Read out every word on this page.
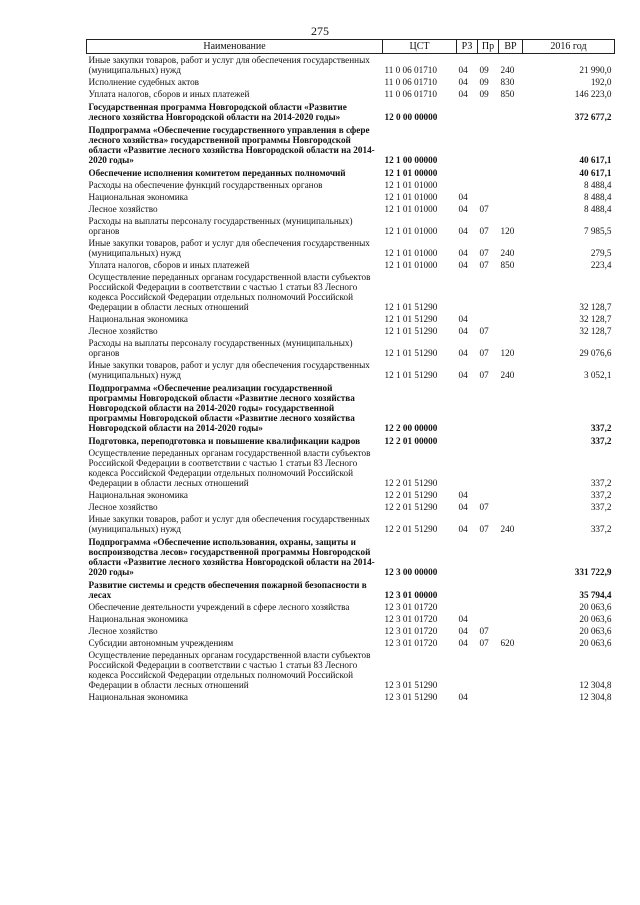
275
Наименование	ЦСТ	РЗ	Пр	ВР	2016 год
Иные закупки товаров, работ и услуг для обеспечения государственных (муниципальных) нужд	11 0 06 01710	04	09	240	21 990,0
Исполнение судебных актов	11 0 06 01710	04	09	830	192,0
Уплата налогов, сборов и иных платежей	11 0 06 01710	04	09	850	146 223,0
Государственная программа Новгородской области «Развитие лесного хозяйства Новгородской области на 2014-2020 годы»	12 0 00 00000				372 677,2
Подпрограмма «Обеспечение государственного управления в сфере лесного хозяйства» государственной программы Новгородской области «Развитие лесного хозяйства Новгородской области на 2014-2020 годы»	12 1 00 00000				40 617,1
Обеспечение исполнения комитетом переданных полномочий	12 1 01 00000				40 617,1
Расходы на обеспечение функций государственных органов	12 1 01 01000				8 488,4
Национальная экономика	12 1 01 01000	04			8 488,4
Лесное хозяйство	12 1 01 01000	04	07		8 488,4
Расходы на выплаты персоналу государственных (муниципальных) органов	12 1 01 01000	04	07	120	7 985,5
Иные закупки товаров, работ и услуг для обеспечения государственных (муниципальных) нужд	12 1 01 01000	04	07	240	279,5
Уплата налогов, сборов и иных платежей	12 1 01 01000	04	07	850	223,4
Осуществление переданных органам государственной власти субъектов Российской Федерации в соответствии с частью 1 статьи 83 Лесного кодекса Российской Федерации отдельных полномочий Российской Федерации в области лесных отношений	12 1 01 51290				32 128,7
Национальная экономика	12 1 01 51290	04			32 128,7
Лесное хозяйство	12 1 01 51290	04	07		32 128,7
Расходы на выплаты персоналу государственных (муниципальных) органов	12 1 01 51290	04	07	120	29 076,6
Иные закупки товаров, работ и услуг для обеспечения государственных (муниципальных) нужд	12 1 01 51290	04	07	240	3 052,1
Подпрограмма «Обеспечение реализации государственной программы Новгородской области «Развитие лесного хозяйства Новгородской области на 2014-2020 годы» государственной программы Новгородской области «Развитие лесного хозяйства Новгородской области на 2014-2020 годы»	12 2 00 00000				337,2
Подготовка, переподготовка и повышение квалификации кадров	12 2 01 00000				337,2
Осуществление переданных органам государственной власти субъектов Российской Федерации в соответствии с частью 1 статьи 83 Лесного кодекса Российской Федерации отдельных полномочий Российской Федерации в области лесных отношений	12 2 01 51290				337,2
Национальная экономика	12 2 01 51290	04			337,2
Лесное хозяйство	12 2 01 51290	04	07		337,2
Иные закупки товаров, работ и услуг для обеспечения государственных (муниципальных) нужд	12 2 01 51290	04	07	240	337,2
Подпрограмма «Обеспечение использования, охраны, защиты и воспроизводства лесов» государственной программы Новгородской области «Развитие лесного хозяйства Новгородской области на 2014-2020 годы»	12 3 00 00000				331 722,9
Развитие системы и средств обеспечения пожарной безопасности в лесах	12 3 01 00000				35 794,4
Обеспечение деятельности учреждений в сфере лесного хозяйства	12 3 01 01720				20 063,6
Национальная экономика	12 3 01 01720	04			20 063,6
Лесное хозяйство	12 3 01 01720	04	07		20 063,6
Субсидии автономным учреждениям	12 3 01 01720	04	07	620	20 063,6
Осуществление переданных органам государственной власти субъектов Российской Федерации в соответствии с частью 1 статьи 83 Лесного кодекса Российской Федерации отдельных полномочий Российской Федерации в области лесных отношений	12 3 01 51290				12 304,8
Национальная экономика	12 3 01 51290	04			12 304,8
